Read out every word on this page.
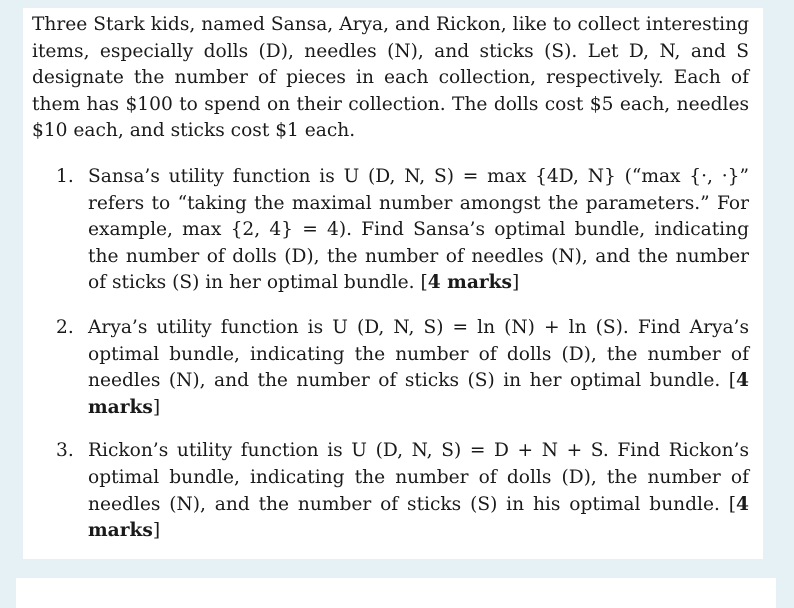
Three Stark kids, named Sansa, Arya, and Rickon, like to collect interesting items, especially dolls (D), needles (N), and sticks (S). Let D, N, and S designate the number of pieces in each collection, respectively. Each of them has $100 to spend on their collection. The dolls cost $5 each, needles $10 each, and sticks cost $1 each.

1. Sansa’s utility function is U (D, N, S) = max {4D, N} (“max {·, ·}” refers to “taking the maximal number amongst the parameters.” For example, max {2, 4} = 4). Find Sansa’s optimal bundle, indicating the number of dolls (D), the number of needles (N), and the number of sticks (S) in her optimal bundle. [4 marks]
2. Arya’s utility function is U (D, N, S) = ln (N) + ln (S). Find Arya’s optimal bundle, indicating the number of dolls (D), the number of needles (N), and the number of sticks (S) in her optimal bundle. [4 marks]
3. Rickon’s utility function is U (D, N, S) = D + N + S. Find Rickon’s optimal bundle, indicating the number of dolls (D), the number of needles (N), and the number of sticks (S) in his optimal bundle. [4 marks]
